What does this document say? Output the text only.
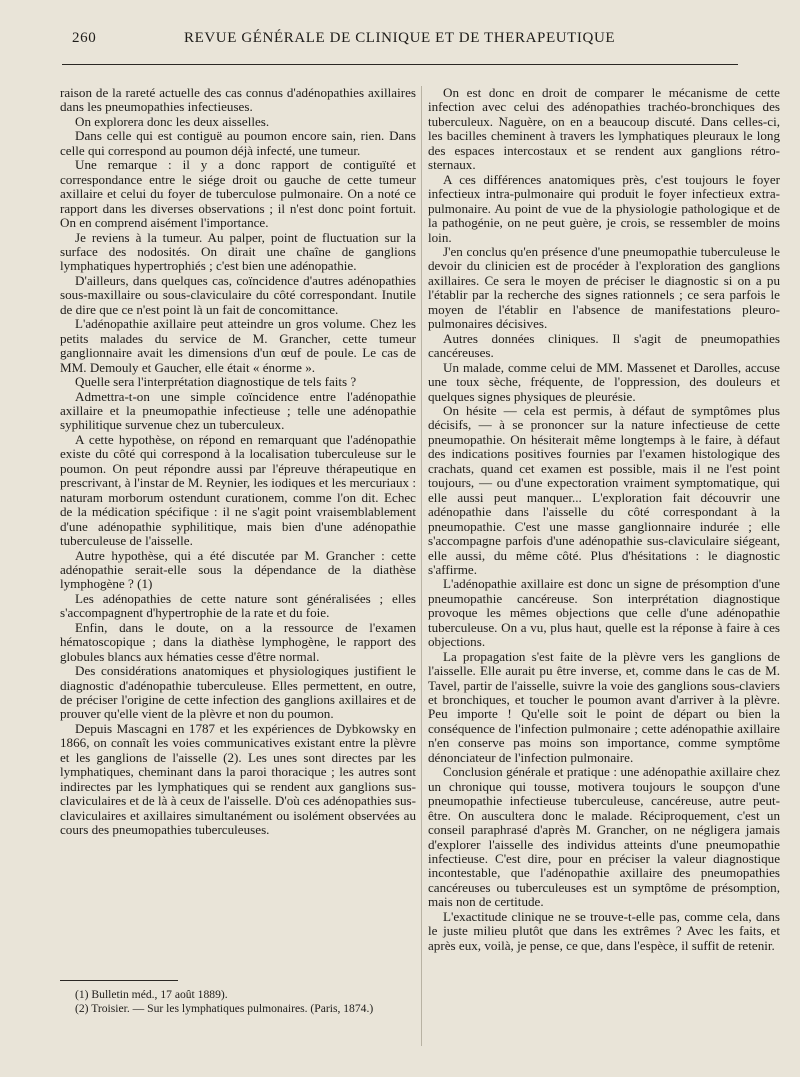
260	REVUE GÉNÉRALE DE CLINIQUE ET DE THERAPEUTIQUE

raison de la rareté actuelle des cas connus d'adénopathies axillaires dans les pneumopathies infectieuses.

On explorera donc les deux aisselles.

Dans celle qui est contiguë au poumon encore sain, rien. Dans celle qui correspond au poumon déjà infecté, une tumeur.

Une remarque : il y a donc rapport de contiguïté et correspondance entre le siége droit ou gauche de cette tumeur axillaire et celui du foyer de tuberculose pulmonaire. On a noté ce rapport dans les diverses observations ; il n'est donc point fortuit. On en comprend aisément l'importance.

Je reviens à la tumeur. Au palper, point de fluctuation sur la surface des nodosités. On dirait une chaîne de ganglions lymphatiques hypertrophiés ; c'est bien une adénopathie.

D'ailleurs, dans quelques cas, coïncidence d'autres adénopathies sous-maxillaire ou sous-claviculaire du côté correspondant. Inutile de dire que ce n'est point là un fait de concomittance.

L'adénopathie axillaire peut atteindre un gros volume. Chez les petits malades du service de M. Grancher, cette tumeur ganglionnaire avait les dimensions d'un œuf de poule. Le cas de MM. Demouly et Gaucher, elle était « énorme ».

Quelle sera l'interprétation diagnostique de tels faits ?

Admettra-t-on une simple coïncidence entre l'adénopathie axillaire et la pneumopathie infectieuse ; telle une adénopathie syphilitique survenue chez un tuberculeux.

A cette hypothèse, on répond en remarquant que l'adénopathie existe du côté qui correspond à la localisation tuberculeuse sur le poumon. On peut répondre aussi par l'épreuve thérapeutique en prescrivant, à l'instar de M. Reynier, les iodiques et les mercuriaux : naturam morborum ostendunt curationem, comme l'on dit. Echec de la médication spécifique : il ne s'agit point vraisemblablement d'une adénopathie syphilitique, mais bien d'une adénopathie tuberculeuse de l'aisselle.

Autre hypothèse, qui a été discutée par M. Grancher : cette adénopathie serait-elle sous la dépendance de la diathèse lymphogène ? (1)

Les adénopathies de cette nature sont généralisées ; elles s'accompagnent d'hypertrophie de la rate et du foie.

Enfin, dans le doute, on a la ressource de l'examen hématoscopique ; dans la diathèse lymphogène, le rapport des globules blancs aux hématies cesse d'être normal.

Des considérations anatomiques et physiologiques justifient le diagnostic d'adénopathie tuberculeuse. Elles permettent, en outre, de préciser l'origine de cette infection des ganglions axillaires et de prouver qu'elle vient de la plèvre et non du poumon.

Depuis Mascagni en 1787 et les expériences de Dybkowsky en 1866, on connaît les voies communicatives existant entre la plèvre et les ganglions de l'aisselle (2). Les unes sont directes par les lymphatiques, cheminant dans la paroi thoracique ; les autres sont indirectes par les lymphatiques qui se rendent aux ganglions sus-claviculaires et de là à ceux de l'aisselle. D'où ces adénopathies sus-claviculaires et axillaires simultanément ou isolément observées au cours des pneumopathies tuberculeuses.

On est donc en droit de comparer le mécanisme de cette infection avec celui des adénopathies trachéo-bronchiques des tuberculeux. Naguère, on en a beaucoup discuté. Dans celles-ci, les bacilles cheminent à travers les lymphatiques pleuraux le long des espaces intercostaux et se rendent aux ganglions rétro-sternaux.

A ces différences anatomiques près, c'est toujours le foyer infectieux intra-pulmonaire qui produit le foyer infectieux extra-pulmonaire. Au point de vue de la physiologie pathologique et de la pathogénie, on ne peut guère, je crois, se ressembler de moins loin.

J'en conclus qu'en présence d'une pneumopathie tuberculeuse le devoir du clinicien est de procéder à l'exploration des ganglions axillaires. Ce sera le moyen de préciser le diagnostic si on a pu l'établir par la recherche des signes rationnels ; ce sera parfois le moyen de l'établir en l'absence de manifestations pleuro-pulmonaires décisives.

Autres données cliniques. Il s'agit de pneumopathies cancéreuses.

Un malade, comme celui de MM. Massenet et Darolles, accuse une toux sèche, fréquente, de l'oppression, des douleurs et quelques signes physiques de pleurésie.

On hésite — cela est permis, à défaut de symptômes plus décisifs, — à se prononcer sur la nature infectieuse de cette pneumopathie. On hésiterait même longtemps à le faire, à défaut des indications positives fournies par l'examen histologique des crachats, quand cet examen est possible, mais il ne l'est point toujours, — ou d'une expectoration vraiment symptomatique, qui elle aussi peut manquer... L'exploration fait découvrir une adénopathie dans l'aisselle du côté correspondant à la pneumopathie. C'est une masse ganglionnaire indurée ; elle s'accompagne parfois d'une adénopathie sus-claviculaire siégeant, elle aussi, du même côté. Plus d'hésitations : le diagnostic s'affirme.

L'adénopathie axillaire est donc un signe de présomption d'une pneumopathie cancéreuse. Son interprétation diagnostique provoque les mêmes objections que celle d'une adénopathie tuberculeuse. On a vu, plus haut, quelle est la réponse à faire à ces objections.

La propagation s'est faite de la plèvre vers les ganglions de l'aisselle. Elle aurait pu être inverse, et, comme dans le cas de M. Tavel, partir de l'aisselle, suivre la voie des ganglions sous-claviers et bronchiques, et toucher le poumon avant d'arriver à la plèvre. Peu importe ! Qu'elle soit le point de départ ou bien la conséquence de l'infection pulmonaire ; cette adénopathie axillaire n'en conserve pas moins son importance, comme symptôme dénonciateur de l'infection pulmonaire.

Conclusion générale et pratique : une adénopathie axillaire chez un chronique qui tousse, motivera toujours le soupçon d'une pneumopathie infectieuse tuberculeuse, cancéreuse, autre peut-être. On auscultera donc le malade. Réciproquement, c'est un conseil paraphrasé d'après M. Grancher, on ne négligera jamais d'explorer l'aisselle des individus atteints d'une pneumopathie infectieuse. C'est dire, pour en préciser la valeur diagnostique incontestable, que l'adénopathie axillaire des pneumopathies cancéreuses ou tuberculeuses est un symptôme de présomption, mais non de certitude.

L'exactitude clinique ne se trouve-t-elle pas, comme cela, dans le juste milieu plutôt que dans les extrêmes ? Avec les faits, et après eux, voilà, je pense, ce que, dans l'espèce, il suffit de retenir.

(1) Bulletin méd., 17 août 1889).

(2) Troisier. — Sur les lymphatiques pulmonaires. (Paris, 1874.)
